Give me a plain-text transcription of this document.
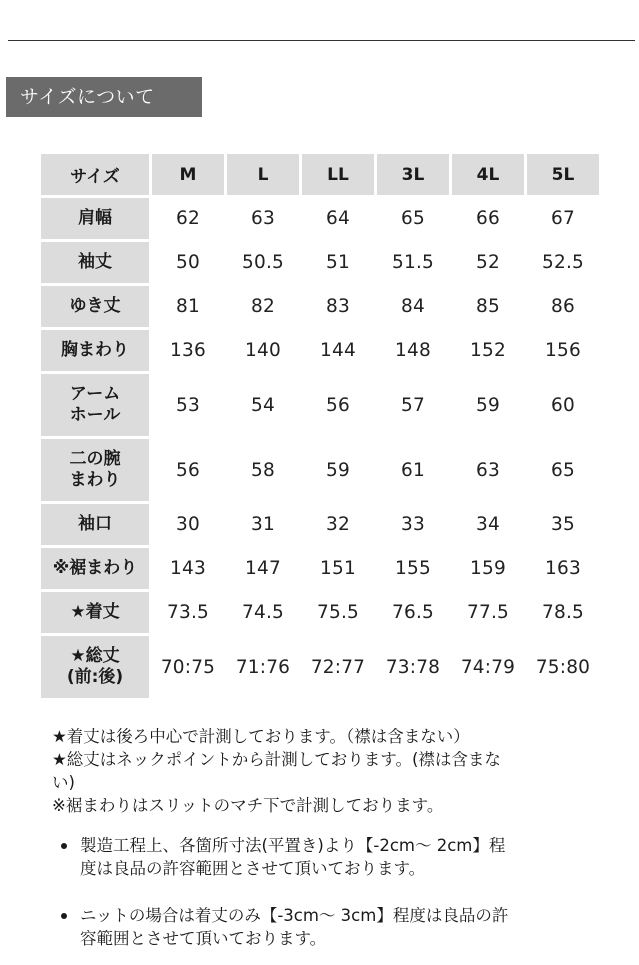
サイズについて
サイズ	M	L	LL	3L	4L	5L
肩幅	62	63	64	65	66	67
袖丈	50	50.5	51	51.5	52	52.5
ゆき丈	81	82	83	84	85	86
胸まわり	136	140	144	148	152	156
アーム
ホール	53	54	56	57	59	60
二の腕
まわり	56	58	59	61	63	65
袖口	30	31	32	33	34	35
※裾まわり	143	147	151	155	159	163
★着丈	73.5	74.5	75.5	76.5	77.5	78.5
★総丈
(前:後)	70:75	71:76	72:77	73:78	74:79	75:80

★着丈は後ろ中心で計測しております。（襟は含まない）

★総丈はネックポイントから計測しております。(襟は含まな

い)

※裾まわりはスリットのマチ下で計測しております。

製造工程上、各箇所寸法(平置き)より【-2cm～ 2cm】程
度は良品の許容範囲とさせて頂いております。
ニットの場合は着丈のみ【-3cm～ 3cm】程度は良品の許
容範囲とさせて頂いております。
